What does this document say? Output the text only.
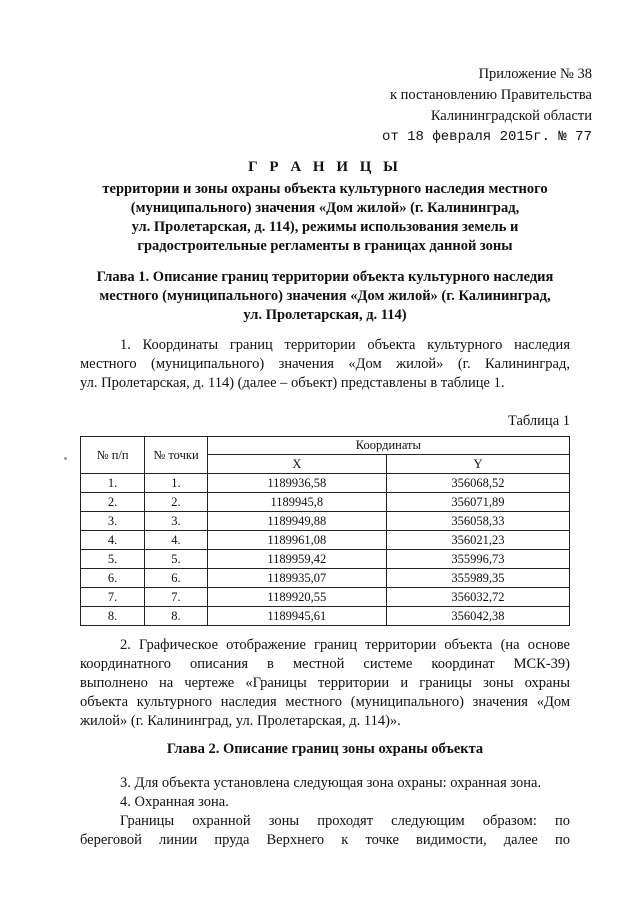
Приложение № 38
к постановлению Правительства
Калининградской области
от 18 февраля 2015г. № 77
Г Р А Н И Ц Ы
территории и зоны охраны объекта культурного наследия местного
(муниципального) значения «Дом жилой» (г. Калининград,
ул. Пролетарская, д. 114), режимы использования земель и
градостроительные регламенты в границах данной зоны
Глава 1. Описание границ территории объекта культурного наследия
местного (муниципального) значения «Дом жилой» (г. Калининград,
ул. Пролетарская, д. 114)
1. Координаты границ территории объекта культурного наследия
местного (муниципального) значения «Дом жилой» (г. Калининград,
ул. Пролетарская, д. 114) (далее – объект) представлены в таблице 1.
Таблица 1
№ п/п	№ точки	Координаты	
		X	Y
1.	1.	1189936,58	356068,52
2.	2.	1189945,8	356071,89
3.	3.	1189949,88	356058,33
4.	4.	1189961,08	356021,23
5.	5.	1189959,42	355996,73
6.	6.	1189935,07	355989,35
7.	7.	1189920,55	356032,72
8.	8.	1189945,61	356042,38
2. Графическое отображение границ территории объекта (на основе
координатного описания в местной системе координат МСК-39)
выполнено на чертеже «Границы территории и границы зоны охраны
объекта культурного наследия местного (муниципального) значения «Дом
жилой» (г. Калининград, ул. Пролетарская, д. 114)».
Глава 2. Описание границ зоны охраны объекта
3. Для объекта установлена следующая зона охраны: охранная зона.
4. Охранная зона.
Границы охранной зоны проходят следующим образом: по
береговой линии пруда Верхнего к точке видимости, далее по
